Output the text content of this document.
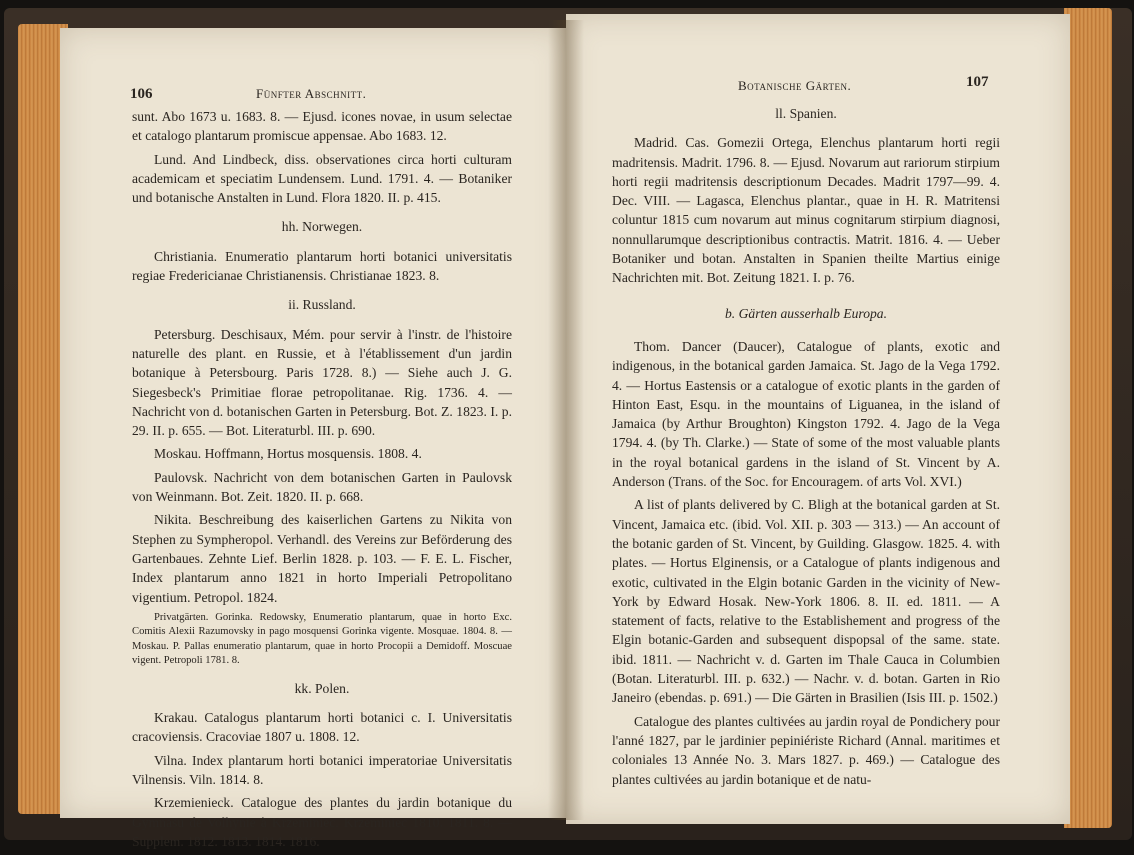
106	Fünfter Abschnitt.

sunt. Abo 1673 u. 1683. 8. — Ejusd. icones novae, in usum selectae et catalogo plantarum promiscue appensae. Abo 1683. 12.

Lund. And Lindbeck, diss. observationes circa horti culturam academicam et speciatim Lundensem. Lund. 1791. 4. — Botaniker und botanische Anstalten in Lund. Flora 1820. II. p. 415.

hh. Norwegen.

Christiania. Enumeratio plantarum horti botanici universitatis regiae Fredericianae Christianensis. Christianae 1823. 8.

ii. Russland.

Petersburg. Deschisaux, Mém. pour servir à l'instr. de l'histoire naturelle des plant. en Russie, et à l'établissement d'un jardin botanique à Petersbourg. Paris 1728. 8.) — Siehe auch J. G. Siegesbeck's Primitiae florae petropolitanae. Rig. 1736. 4. — Nachricht von d. botanischen Garten in Petersburg. Bot. Z. 1823. I. p. 29. II. p. 655. — Bot. Literaturbl. III. p. 690.

Moskau. Hoffmann, Hortus mosquensis. 1808. 4.

Paulovsk. Nachricht von dem botanischen Garten in Paulovsk von Weinmann. Bot. Zeit. 1820. II. p. 668.

Nikita. Beschreibung des kaiserlichen Gartens zu Nikita von Stephen zu Sympheropol. Verhandl. des Vereins zur Beförderung des Gartenbaues. Zehnte Lief. Berlin 1828. p. 103. — F. E. L. Fischer, Index plantarum anno 1821 in horto Imperiali Petropolitano vigentium. Petropol. 1824.

Privatgärten. Gorinka. Redowsky, Enumeratio plantarum, quae in horto Exc. Comitis Alexii Razumovsky in pago mosquensi Gorinka vigente. Mosquae. 1804. 8. — Moskau. P. Pallas enumeratio plantarum, quae in horto Procopii a Demidoff. Moscuae vigent. Petropoli 1781. 8.

kk. Polen.

Krakau. Catalogus plantarum horti botanici c. I. Universitatis cracoviensis. Cracoviae 1807 u. 1808. 12.

Vilna. Index plantarum horti botanici imperatoriae Universitatis Vilnensis. Viln. 1814. 8.

Krzemieniеck. Catalogue des plantes du jardin botanique du Gymnasu de Volhynie à Krzeminiec. Krzeminiec 1810. 1811. 8. — Supplem. 1812. 1813. 1814. 1816.

Botanische Gärten.	107
ll. Spanien.

Madrid. Cas. Gomezii Ortega, Elenchus plantarum horti regii madritensis. Madrit. 1796. 8. — Ejusd. Novarum aut rariorum stirpium horti regii madritensis descriptionum Decades. Madrit 1797—99. 4. Dec. VIII. — Lagasca, Elenchus plantar., quae in H. R. Matritensi coluntur 1815 cum novarum aut minus cognitarum stirpium diagnosi, nonnullarumque descriptionibus contractis. Matrit. 1816. 4. — Ueber Botaniker und botan. Anstalten in Spanien theilte Martius einige Nachrichten mit. Bot. Zeitung 1821. I. p. 76.

b. Gärten ausserhalb Europa.

Thom. Dancer (Daucer), Catalogue of plants, exotic and indigenous, in the botanical garden Jamaica. St. Jago de la Vega 1792. 4. — Hortus Eastensis or a catalogue of exotic plants in the garden of Hinton East, Esqu. in the mountains of Liguanea, in the island of Jamaica (by Arthur Broughton) Kingston 1792. 4. Jago de la Vega 1794. 4. (by Th. Clarke.) — State of some of the most valuable plants in the royal botanical gardens in the island of St. Vincent by A. Anderson (Trans. of the Soc. for Encouragem. of arts Vol. XVI.)

A list of plants delivered by C. Bligh at the botanical garden at St. Vincent, Jamaica etc. (ibid. Vol. XII. p. 303 — 313.) — An account of the botanic garden of St. Vincent, by Guilding. Glasgow. 1825. 4. with plates. — Hortus Elginensis, or a Catalogue of plants indigenous and exotic, cultivated in the Elgin botanic Garden in the vicinity of New-York by Edward Hosak. New-York 1806. 8. II. ed. 1811. — A statement of facts, relative to the Establishement and progress of the Elgin botanic-Garden and subsequent dispopsal of the same. state. ibid. 1811. — Nachricht v. d. Garten im Thale Cauca in Columbien (Botan. Literaturbl. III. p. 632.) — Nachr. v. d. botan. Garten in Rio Janeiro (ebendas. p. 691.) — Die Gärten in Brasilien (Isis III. p. 1502.)

Catalogue des plantes cultivées au jardin royal de Pondichery pour l'anné 1827, par le jardinier pepiniériste Richard (Annal. maritimes et coloniales 13 Année No. 3. Mars 1827. p. 469.) — Catalogue des plantes cultivées au jardin botanique et de natu-
